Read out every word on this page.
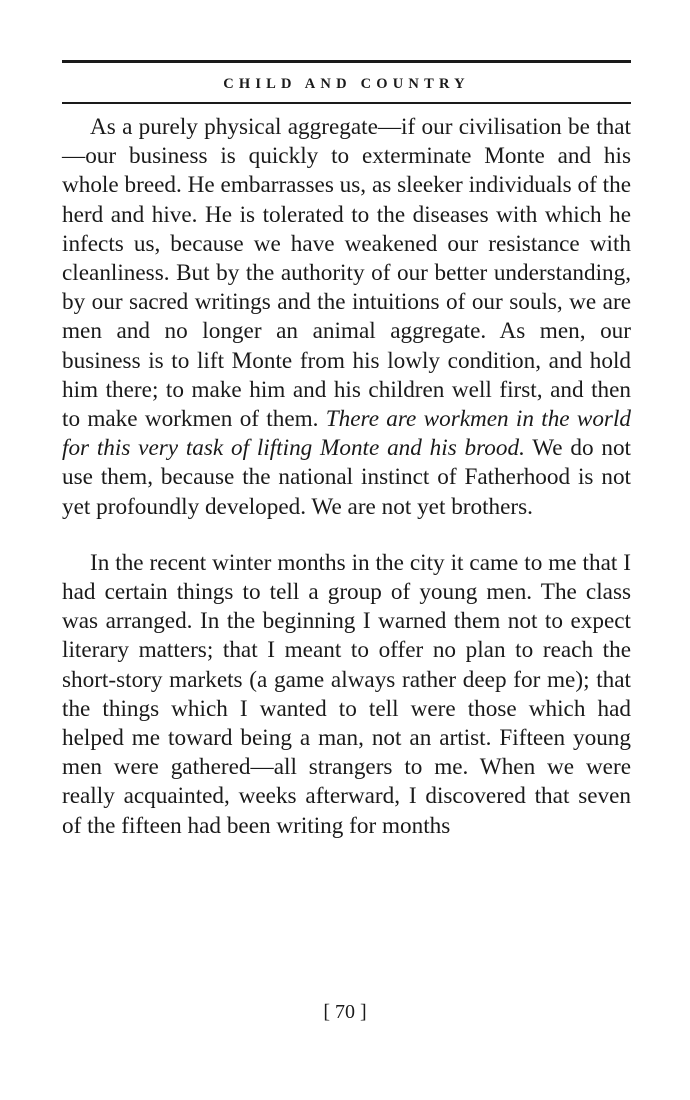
CHILD AND COUNTRY

As a purely physical aggregate—if our civilisation be that—our business is quickly to exterminate Monte and his whole breed. He embarrasses us, as sleeker individuals of the herd and hive. He is tolerated to the diseases with which he infects us, because we have weakened our resistance with cleanliness. But by the authority of our better understanding, by our sacred writings and the intuitions of our souls, we are men and no longer an animal aggregate. As men, our business is to lift Monte from his lowly condition, and hold him there; to make him and his children well first, and then to make workmen of them. There are workmen in the world for this very task of lifting Monte and his brood. We do not use them, because the national instinct of Fatherhood is not yet profoundly developed. We are not yet brothers.

In the recent winter months in the city it came to me that I had certain things to tell a group of young men. The class was arranged. In the beginning I warned them not to expect literary matters; that I meant to offer no plan to reach the short-story markets (a game always rather deep for me); that the things which I wanted to tell were those which had helped me toward being a man, not an artist. Fifteen young men were gathered—all strangers to me. When we were really acquainted, weeks afterward, I discovered that seven of the fifteen had been writing for months

[ 70 ]
